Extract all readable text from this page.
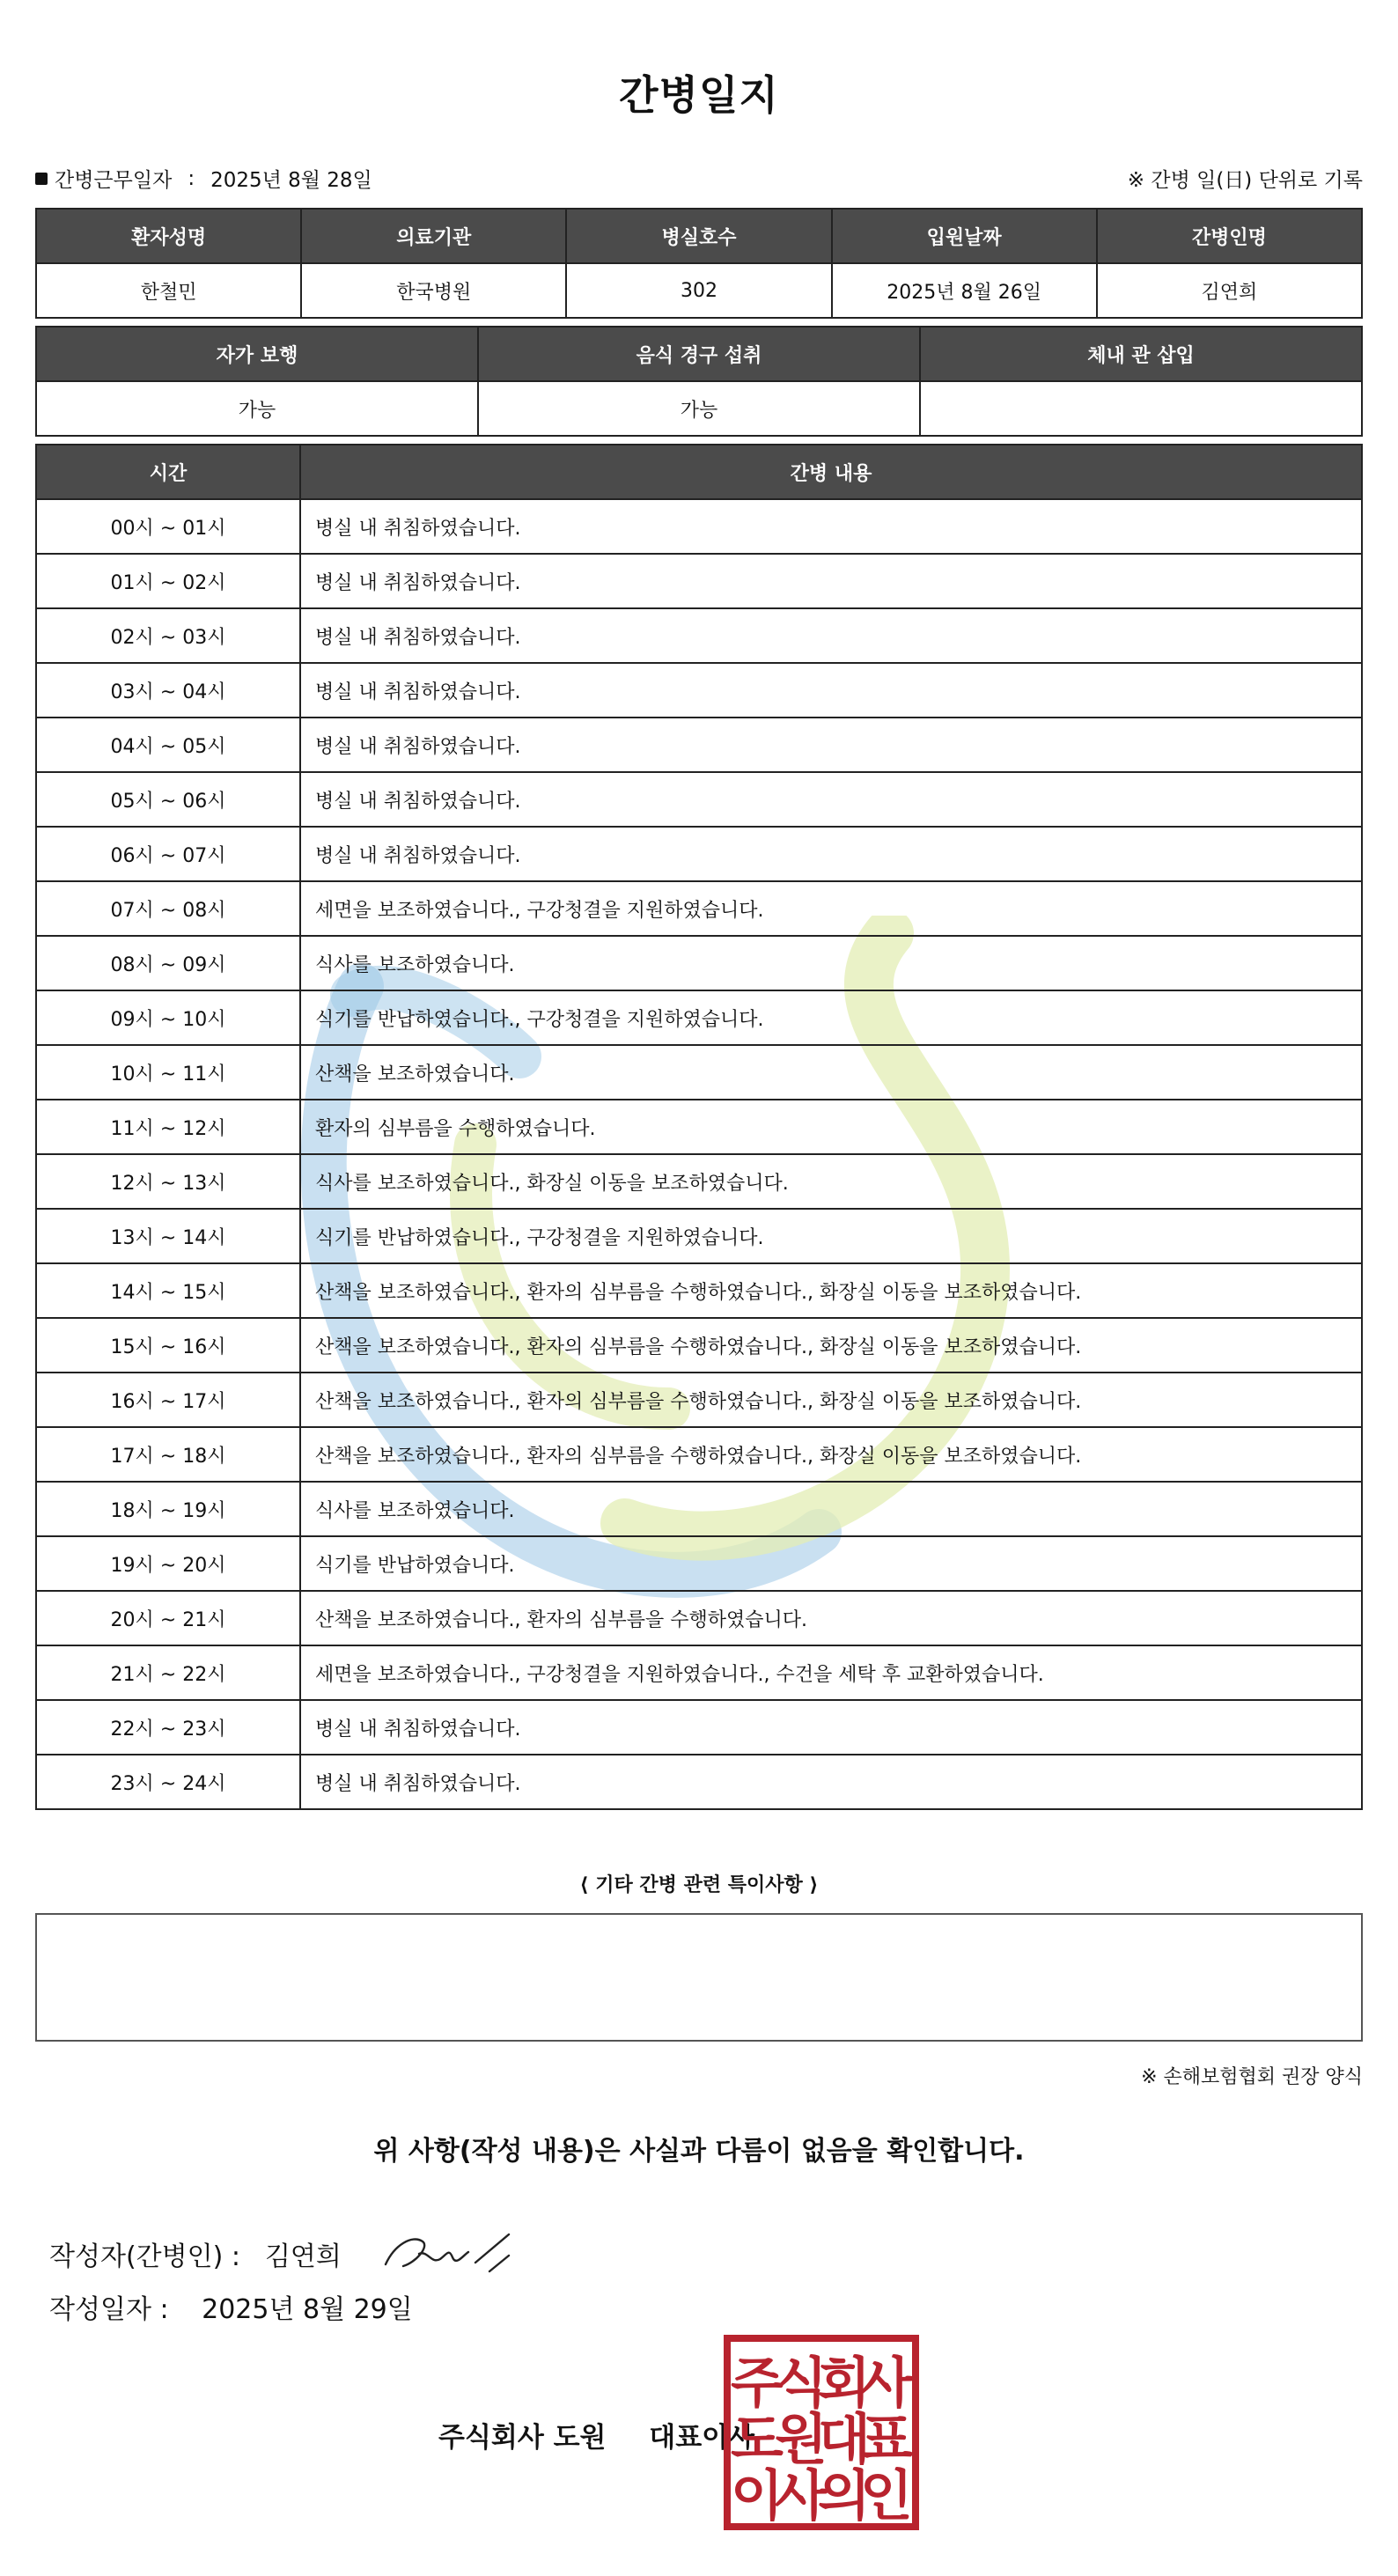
간병일지
간병근무일자 : 2025년 8월 28일	※ 간병 일(日) 단위로 기록
환자성명	의료기관	병실호수	입원날짜	간병인명
한철민	한국병원	302	2025년 8월 26일	김연희
자가 보행	음식 경구 섭취	체내 관 삽입
가능	가능	
시간	간병 내용
00시 ~ 01시	병실 내 취침하였습니다.
01시 ~ 02시	병실 내 취침하였습니다.
02시 ~ 03시	병실 내 취침하였습니다.
03시 ~ 04시	병실 내 취침하였습니다.
04시 ~ 05시	병실 내 취침하였습니다.
05시 ~ 06시	병실 내 취침하였습니다.
06시 ~ 07시	병실 내 취침하였습니다.
07시 ~ 08시	세면을 보조하였습니다., 구강청결을 지원하였습니다.
08시 ~ 09시	식사를 보조하였습니다.
09시 ~ 10시	식기를 반납하였습니다., 구강청결을 지원하였습니다.
10시 ~ 11시	산책을 보조하였습니다.
11시 ~ 12시	환자의 심부름을 수행하였습니다.
12시 ~ 13시	식사를 보조하였습니다., 화장실 이동을 보조하였습니다.
13시 ~ 14시	식기를 반납하였습니다., 구강청결을 지원하였습니다.
14시 ~ 15시	산책을 보조하였습니다., 환자의 심부름을 수행하였습니다., 화장실 이동을 보조하였습니다.
15시 ~ 16시	산책을 보조하였습니다., 환자의 심부름을 수행하였습니다., 화장실 이동을 보조하였습니다.
16시 ~ 17시	산책을 보조하였습니다., 환자의 심부름을 수행하였습니다., 화장실 이동을 보조하였습니다.
17시 ~ 18시	산책을 보조하였습니다., 환자의 심부름을 수행하였습니다., 화장실 이동을 보조하였습니다.
18시 ~ 19시	식사를 보조하였습니다.
19시 ~ 20시	식기를 반납하였습니다.
20시 ~ 21시	산책을 보조하였습니다., 환자의 심부름을 수행하였습니다.
21시 ~ 22시	세면을 보조하였습니다., 구강청결을 지원하였습니다., 수건을 세탁 후 교환하였습니다.
22시 ~ 23시	병실 내 취침하였습니다.
23시 ~ 24시	병실 내 취침하였습니다.
⟨ 기타 간병 관련 특이사항 ⟩
※ 손해보험협회 권장 양식
위 사항(작성 내용)은 사실과 다름이 없음을 확인합니다.
작성자(간병인) : 김연희
작성일자 : 2025년 8월 29일
주식회사 도원 대표이사
주
식
회
사
도
원
대
표
이
사
의
인
